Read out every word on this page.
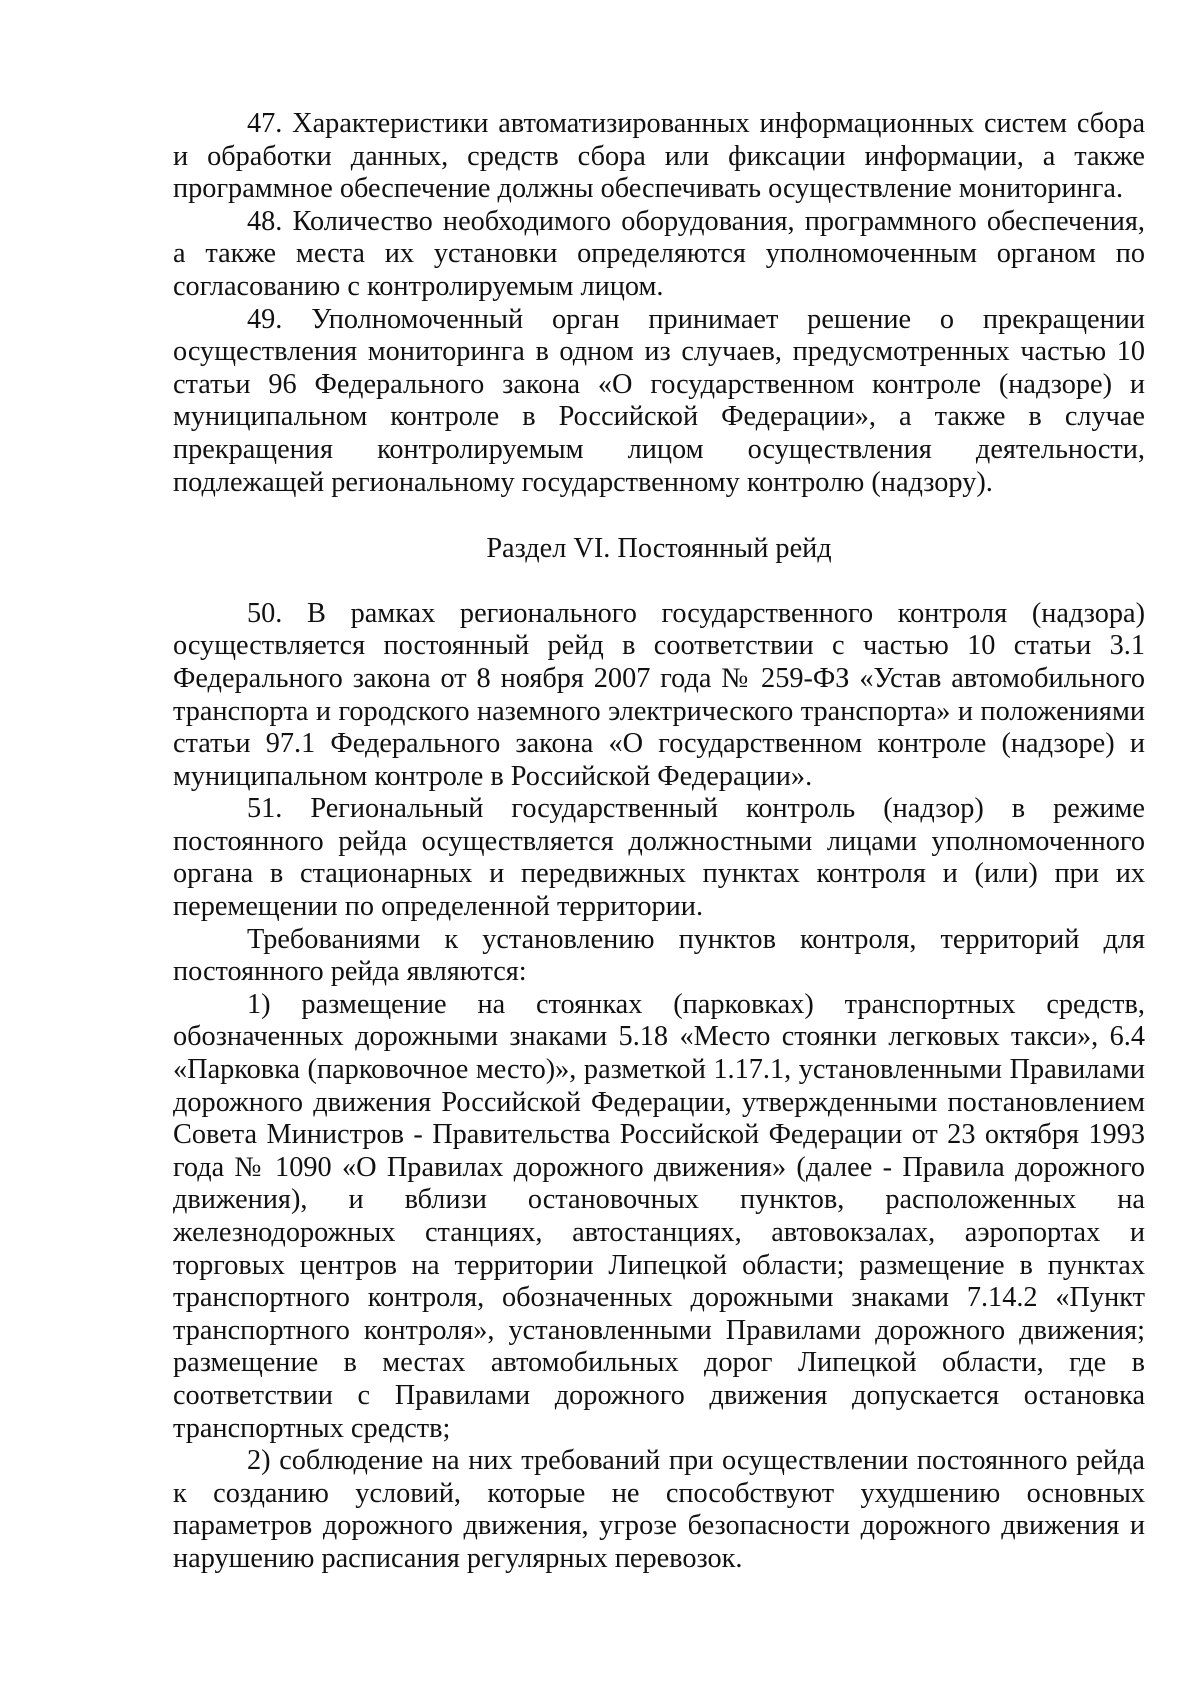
47. Характеристики автоматизированных информационных систем сбора и обработки данных, средств сбора или фиксации информации, а также программное обеспечение должны обеспечивать осуществление мониторинга.

48. Количество необходимого оборудования, программного обеспечения, а также места их установки определяются уполномоченным органом по согласованию с контролируемым лицом.

49. Уполномоченный орган принимает решение о прекращении осуществления мониторинга в одном из случаев, предусмотренных частью 10 статьи 96 Федерального закона «О государственном контроле (надзоре) и муниципальном контроле в Российской Федерации», а также в случае прекращения контролируемым лицом осуществления деятельности, подлежащей региональному государственному контролю (надзору).

Раздел VI. Постоянный рейд

50. В рамках регионального государственного контроля (надзора) осуществляется постоянный рейд в соответствии с частью 10 статьи 3.1 Федерального закона от 8 ноября 2007 года № 259-ФЗ «Устав автомобильного транспорта и городского наземного электрического транспорта» и положениями статьи 97.1 Федерального закона «О государственном контроле (надзоре) и муниципальном контроле в Российской Федерации».

51. Региональный государственный контроль (надзор) в режиме постоянного рейда осуществляется должностными лицами уполномоченного органа в стационарных и передвижных пунктах контроля и (или) при их перемещении по определенной территории.

Требованиями к установлению пунктов контроля, территорий для постоянного рейда являются:

1) размещение на стоянках (парковках) транспортных средств, обозначенных дорожными знаками 5.18 «Место стоянки легковых такси», 6.4 «Парковка (парковочное место)», разметкой 1.17.1, установленными Правилами дорожного движения Российской Федерации, утвержденными постановлением Совета Министров - Правительства Российской Федерации от 23 октября 1993 года № 1090 «О Правилах дорожного движения» (далее - Правила дорожного движения), и вблизи остановочных пунктов, расположенных на железнодорожных станциях, автостанциях, автовокзалах, аэропортах и торговых центров на территории Липецкой области; размещение в пунктах транспортного контроля, обозначенных дорожными знаками 7.14.2 «Пункт транспортного контроля», установленными Правилами дорожного движения; размещение в местах автомобильных дорог Липецкой области, где в соответствии с Правилами дорожного движения допускается остановка транспортных средств;

2) соблюдение на них требований при осуществлении постоянного рейда к созданию условий, которые не способствуют ухудшению основных параметров дорожного движения, угрозе безопасности дорожного движения и нарушению расписания регулярных перевозок.
